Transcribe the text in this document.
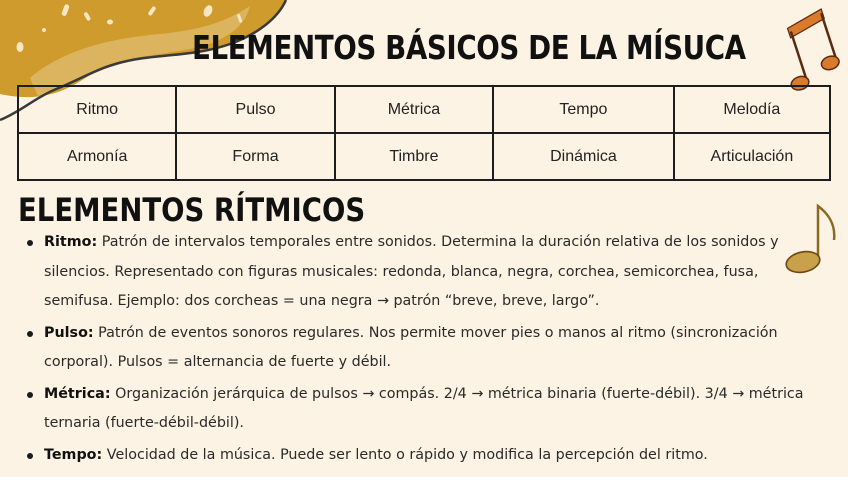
ELEMENTOS BÁSICOS DE LA MÍSUCA
Ritmo	Pulso	Métrica	Tempo	Melodía
Armonía	Forma	Timbre	Dinámica	Articulación
ELEMENTOS RÍTMICOS
Ritmo: Patrón de intervalos temporales entre sonidos. Determina la duración relativa de los sonidos y silencios. Representado con figuras musicales: redonda, blanca, negra, corchea, semicorchea, fusa, semifusa. Ejemplo: dos corcheas = una negra → patrón “breve, breve, largo”.
Pulso: Patrón de eventos sonoros regulares. Nos permite mover pies o manos al ritmo (sincronización corporal). Pulsos = alternancia de fuerte y débil.
Métrica: Organización jerárquica de pulsos → compás. 2/4 → métrica binaria (fuerte-débil). 3/4 → métrica ternaria (fuerte-débil-débil).
Tempo: Velocidad de la música. Puede ser lento o rápido y modifica la percepción del ritmo.
